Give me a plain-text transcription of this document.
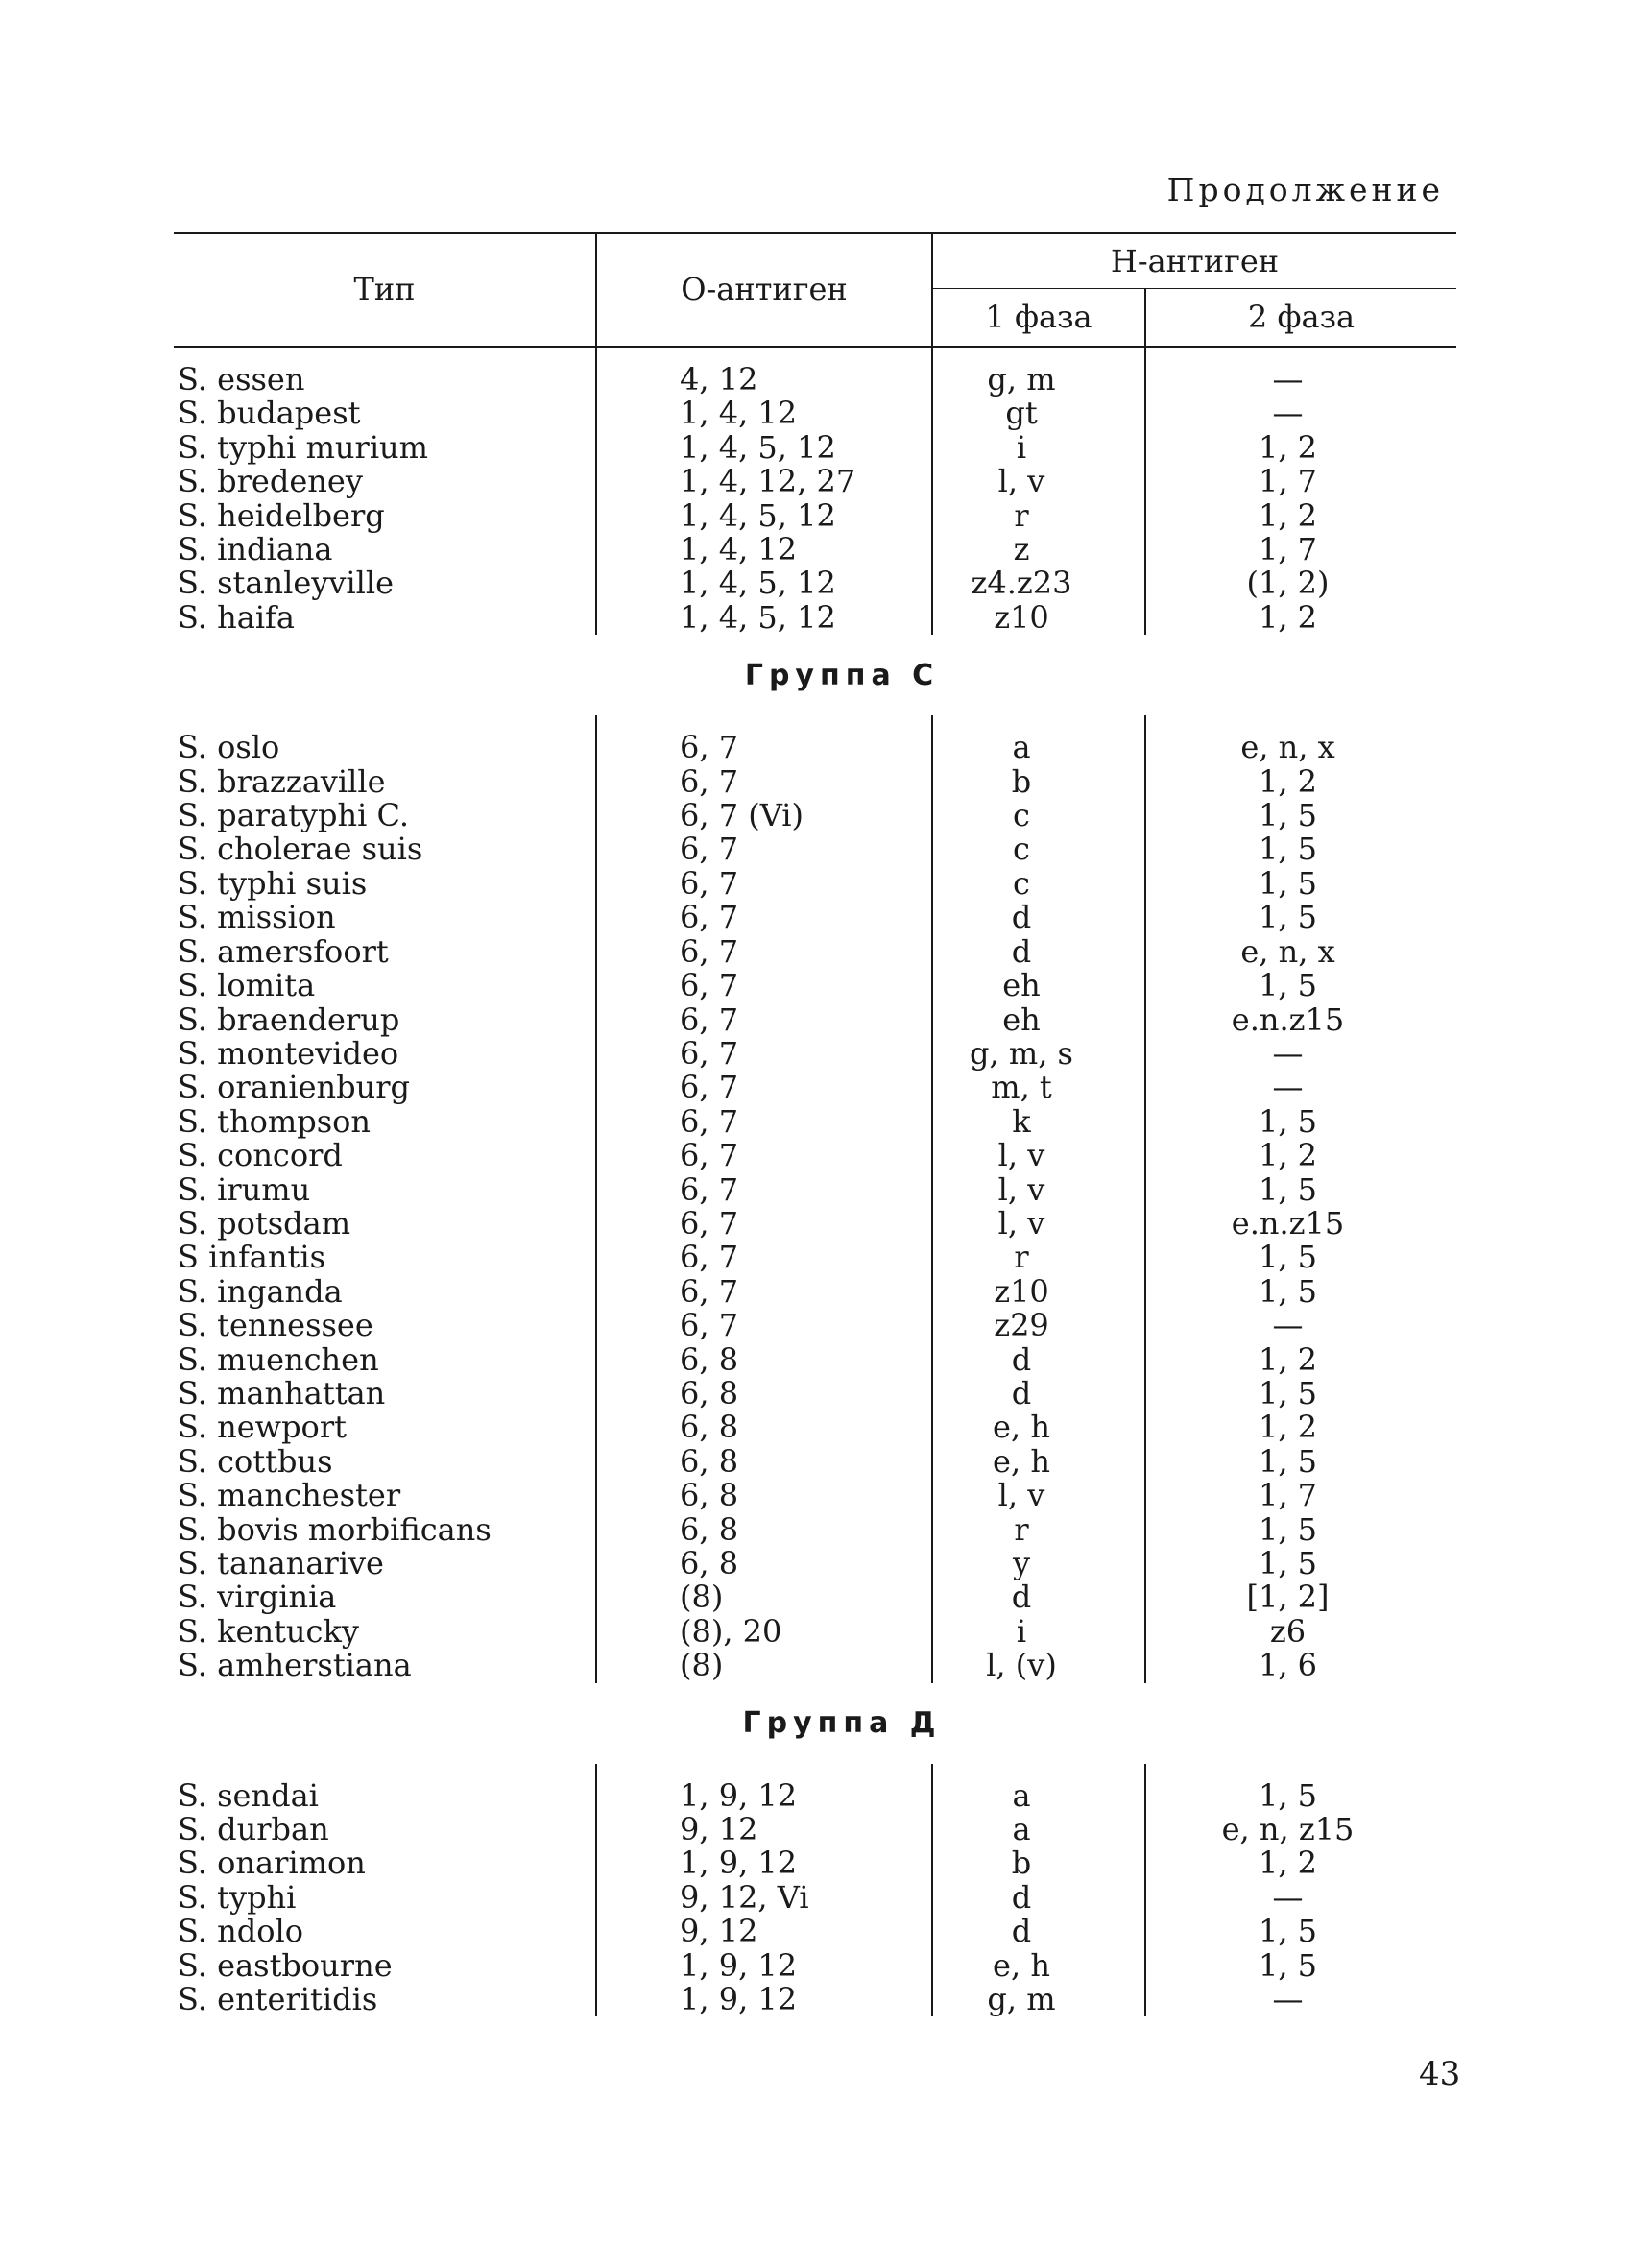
Продолжение
Тип	О-антиген	Н-антиген	
		1 фаза	2 фаза
S. essen	4, 12	g, m	—
S. budapest	1, 4, 12	gt	—
S. typhi murium	1, 4, 5, 12	i	1, 2
S. bredeney	1, 4, 12, 27	l, v	1, 7
S. heidelberg	1, 4, 5, 12	r	1, 2
S. indiana	1, 4, 12	z	1, 7
S. stanleyville	1, 4, 5, 12	z4.z23	(1, 2)
S. haifa	1, 4, 5, 12	z10	1, 2
Группа С			
S. oslo	6, 7	a	e, n, x
S. brazzaville	6, 7	b	1, 2
S. paratyphi C.	6, 7 (Vi)	c	1, 5
S. cholerae suis	6, 7	c	1, 5
S. typhi suis	6, 7	c	1, 5
S. mission	6, 7	d	1, 5
S. amersfoort	6, 7	d	e, n, x
S. lomita	6, 7	eh	1, 5
S. braenderup	6, 7	eh	e.n.z15
S. montevideo	6, 7	g, m, s	—
S. oranienburg	6, 7	m, t	—
S. thompson	6, 7	k	1, 5
S. concord	6, 7	l, v	1, 2
S. irumu	6, 7	l, v	1, 5
S. potsdam	6, 7	l, v	e.n.z15
S infantis	6, 7	r	1, 5
S. inganda	6, 7	z10	1, 5
S. tennessee	6, 7	z29	—
S. muenchen	6, 8	d	1, 2
S. manhattan	6, 8	d	1, 5
S. newport	6, 8	e, h	1, 2
S. cottbus	6, 8	e, h	1, 5
S. manchester	6, 8	l, v	1, 7
S. bovis morbificans	6, 8	r	1, 5
S. tananarive	6, 8	y	1, 5
S. virginia	(8)	d	[1, 2]
S. kentucky	(8), 20	i	z6
S. amherstiana	(8)	l, (v)	1, 6
Группа Д			
S. sendai	1, 9, 12	a	1, 5
S. durban	9, 12	a	e, n, z15
S. onarimon	1, 9, 12	b	1, 2
S. typhi	9, 12, Vi	d	—
S. ndolo	9, 12	d	1, 5
S. eastbourne	1, 9, 12	e, h	1, 5
S. enteritidis	1, 9, 12	g, m	—
43
